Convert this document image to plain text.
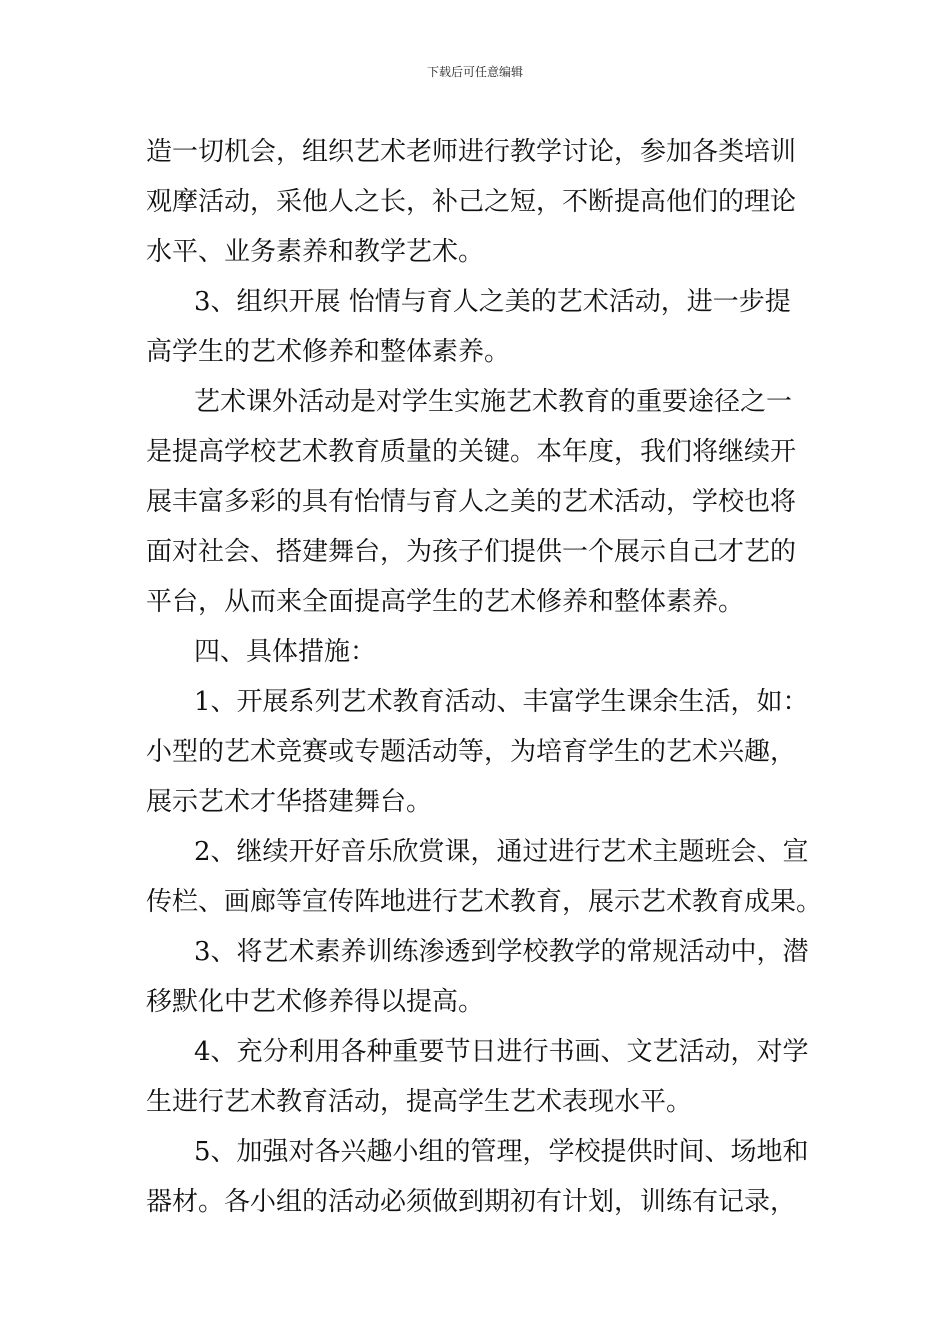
下载后可任意编辑
造一切机会，组织艺术老师进行教学讨论，参加各类培训
观摩活动，采他人之长，补己之短，不断提高他们的理论
水平、业务素养和教学艺术。
3、组织开展 怡情与育人之美的艺术活动，进一步提
高学生的艺术修养和整体素养。
艺术课外活动是对学生实施艺术教育的重要途径之一
是提高学校艺术教育质量的关键。本年度，我们将继续开
展丰富多彩的具有怡情与育人之美的艺术活动，学校也将
面对社会、搭建舞台，为孩子们提供一个展示自己才艺的
平台，从而来全面提高学生的艺术修养和整体素养。
四、具体措施：
1、开展系列艺术教育活动、丰富学生课余生活，如：
小型的艺术竞赛或专题活动等，为培育学生的艺术兴趣，
展示艺术才华搭建舞台。
2、继续开好音乐欣赏课，通过进行艺术主题班会、宣
传栏、画廊等宣传阵地进行艺术教育，展示艺术教育成果。
3、将艺术素养训练渗透到学校教学的常规活动中，潜
移默化中艺术修养得以提高。
4、充分利用各种重要节日进行书画、文艺活动，对学
生进行艺术教育活动，提高学生艺术表现水平。
5、加强对各兴趣小组的管理，学校提供时间、场地和
器材。各小组的活动必须做到期初有计划，训练有记录，
